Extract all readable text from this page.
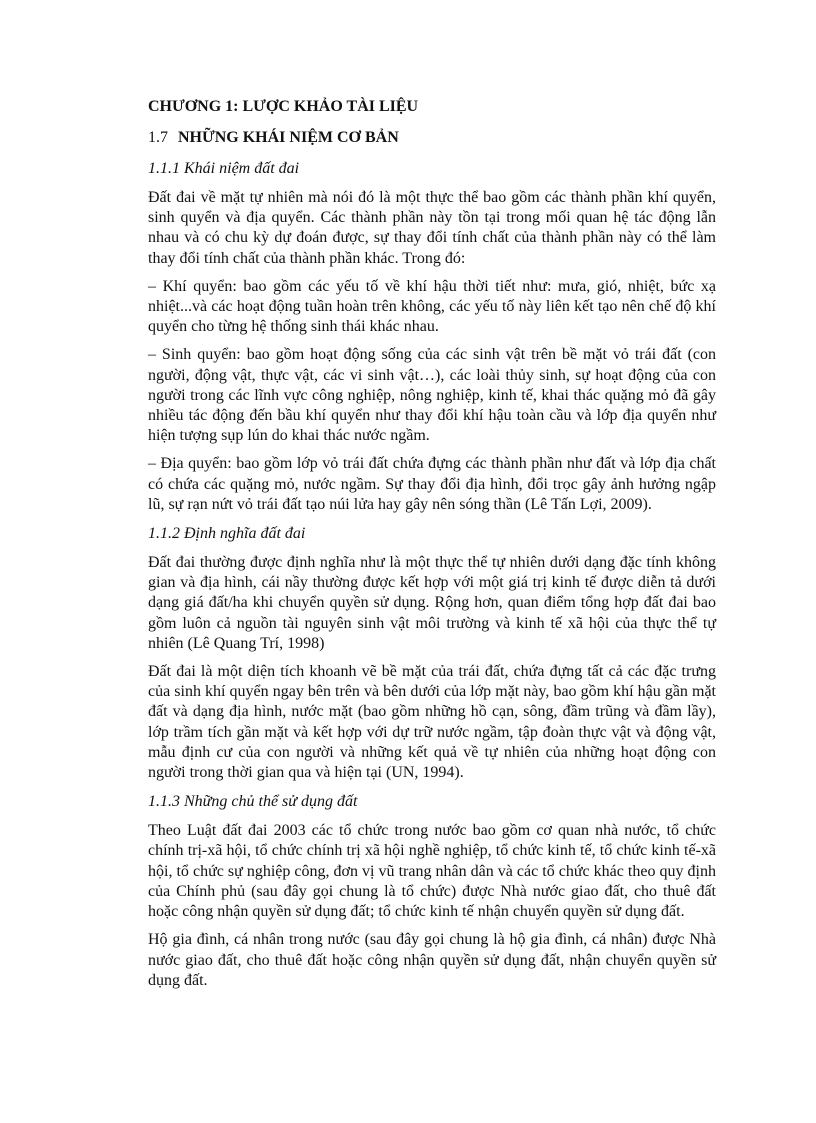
CHƯƠNG 1: LƯỢC KHẢO TÀI LIỆU
1.7 NHỮNG KHÁI NIỆM CƠ BẢN
1.1.1 Khái niệm đất đai

Đất đai về mặt tự nhiên mà nói đó là một thực thể bao gồm các thành phần khí quyển, sinh quyển và địa quyển. Các thành phần này tồn tại trong mối quan hệ tác động lẫn nhau và có chu kỳ dự đoán được, sự thay đổi tính chất của thành phần này có thể làm thay đổi tính chất của thành phần khác. Trong đó:

– Khí quyển: bao gồm các yếu tố về khí hậu thời tiết như: mưa, gió, nhiệt, bức xạ nhiệt...và các hoạt động tuần hoàn trên không, các yếu tố này liên kết tạo nên chế độ khí quyển cho từng hệ thống sinh thái khác nhau.

– Sinh quyển: bao gồm hoạt động sống của các sinh vật trên bề mặt vỏ trái đất (con người, động vật, thực vật, các vi sinh vật…), các loài thủy sinh, sự hoạt động của con người trong các lĩnh vực công nghiệp, nông nghiệp, kinh tế, khai thác quặng mỏ đã gây nhiều tác động đến bầu khí quyển như thay đổi khí hậu toàn cầu và lớp địa quyển như hiện tượng sụp lún do khai thác nước ngầm.

– Địa quyển: bao gồm lớp vỏ trái đất chứa đựng các thành phần như đất và lớp địa chất có chứa các quặng mỏ, nước ngầm. Sự thay đổi địa hình, đổi trọc gây ảnh hưởng ngập lũ, sự rạn nứt vỏ trái đất tạo núi lửa hay gây nên sóng thần (Lê Tấn Lợi, 2009).

1.1.2 Định nghĩa đất đai

Đất đai thường được định nghĩa như là một thực thể tự nhiên dưới dạng đặc tính không gian và địa hình, cái nầy thường được kết hợp với một giá trị kinh tế được diễn tả dưới dạng giá đất/ha khi chuyển quyền sử dụng. Rộng hơn, quan điểm tổng hợp đất đai bao gồm luôn cả nguồn tài nguyên sinh vật môi trường và kinh tế xã hội của thực thể tự nhiên (Lê Quang Trí, 1998)

Đất đai là một diện tích khoanh vẽ bề mặt của trái đất, chứa đựng tất cả các đặc trưng của sinh khí quyển ngay bên trên và bên dưới của lớp mặt này, bao gồm khí hậu gần mặt đất và dạng địa hình, nước mặt (bao gồm những hồ cạn, sông, đầm trũng và đầm lầy), lớp trầm tích gần mặt và kết hợp với dự trữ nước ngầm, tập đoàn thực vật và động vật, mẫu định cư của con người và những kết quả về tự nhiên của những hoạt động con người trong thời gian qua và hiện tại (UN, 1994).

1.1.3 Những chủ thể sử dụng đất

Theo Luật đất đai 2003 các tổ chức trong nước bao gồm cơ quan nhà nước, tổ chức chính trị-xã hội, tổ chức chính trị xã hội nghề nghiệp, tổ chức kinh tế, tổ chức kinh tế-xã hội, tổ chức sự nghiệp công, đơn vị vũ trang nhân dân và các tổ chức khác theo quy định của Chính phủ (sau đây gọi chung là tổ chức) được Nhà nước giao đất, cho thuê đất hoặc công nhận quyền sử dụng đất; tổ chức kinh tế nhận chuyển quyền sử dụng đất.

Hộ gia đình, cá nhân trong nước (sau đây gọi chung là hộ gia đình, cá nhân) được Nhà nước giao đất, cho thuê đất hoặc công nhận quyền sử dụng đất, nhận chuyển quyền sử dụng đất.
